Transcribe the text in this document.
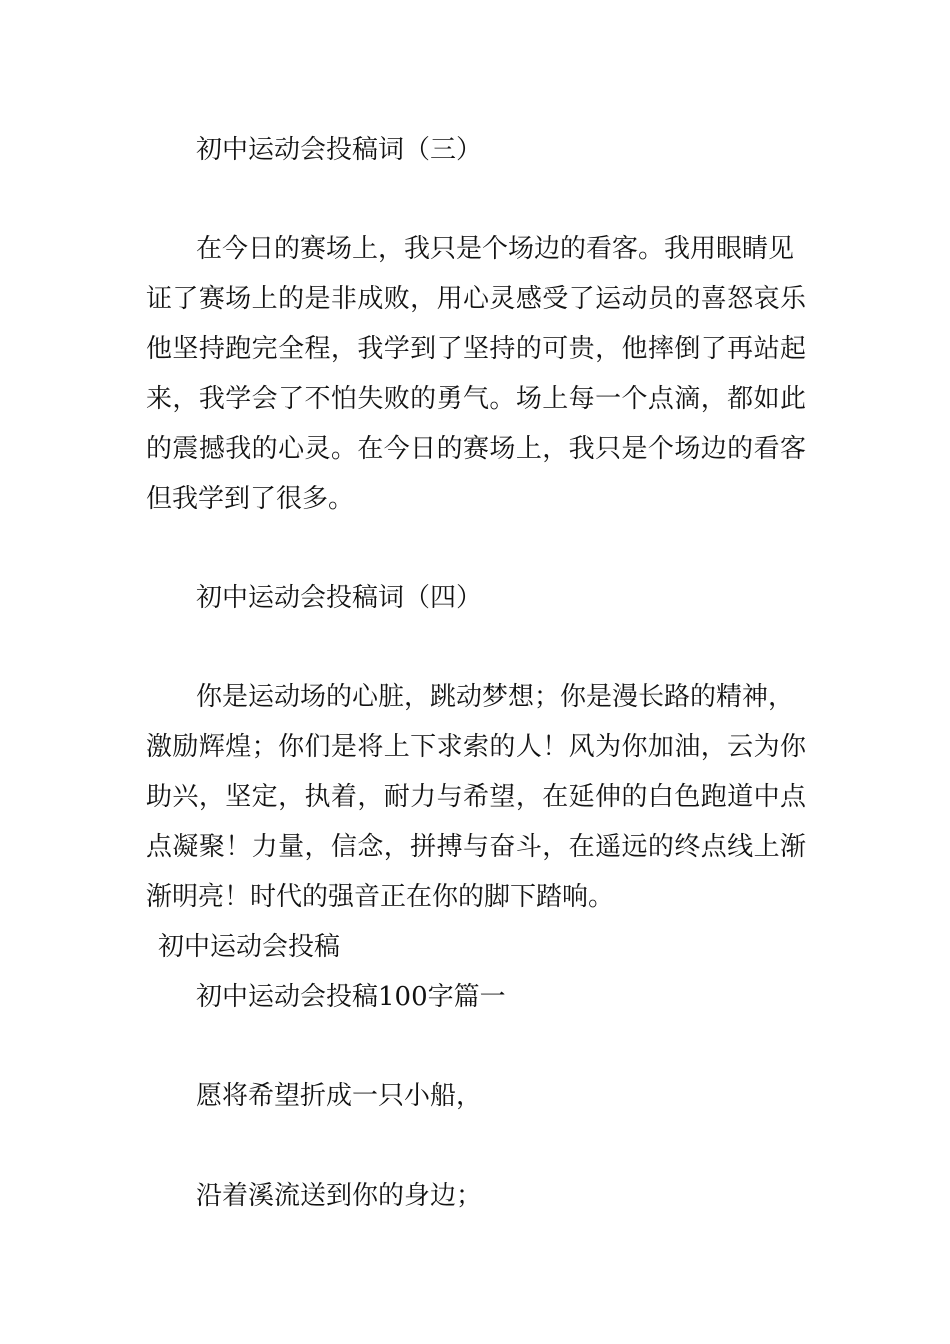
初中运动会投稿词（三）

在今日的赛场上，我只是个场边的看客。我用眼睛见

证了赛场上的是非成败，用心灵感受了运动员的喜怒哀乐

他坚持跑完全程，我学到了坚持的可贵，他摔倒了再站起

来，我学会了不怕失败的勇气。场上每一个点滴，都如此

的震撼我的心灵。在今日的赛场上，我只是个场边的看客

但我学到了很多。

初中运动会投稿词（四）

你是运动场的心脏，跳动梦想；你是漫长路的精神，

激励辉煌；你们是将上下求索的人！风为你加油，云为你

助兴，坚定，执着，耐力与希望，在延伸的白色跑道中点

点凝聚！力量，信念，拼搏与奋斗，在遥远的终点线上渐

渐明亮！时代的强音正在你的脚下踏响。

初中运动会投稿

初中运动会投稿100字篇一

愿将希望折成一只小船，

沿着溪流送到你的身边；
